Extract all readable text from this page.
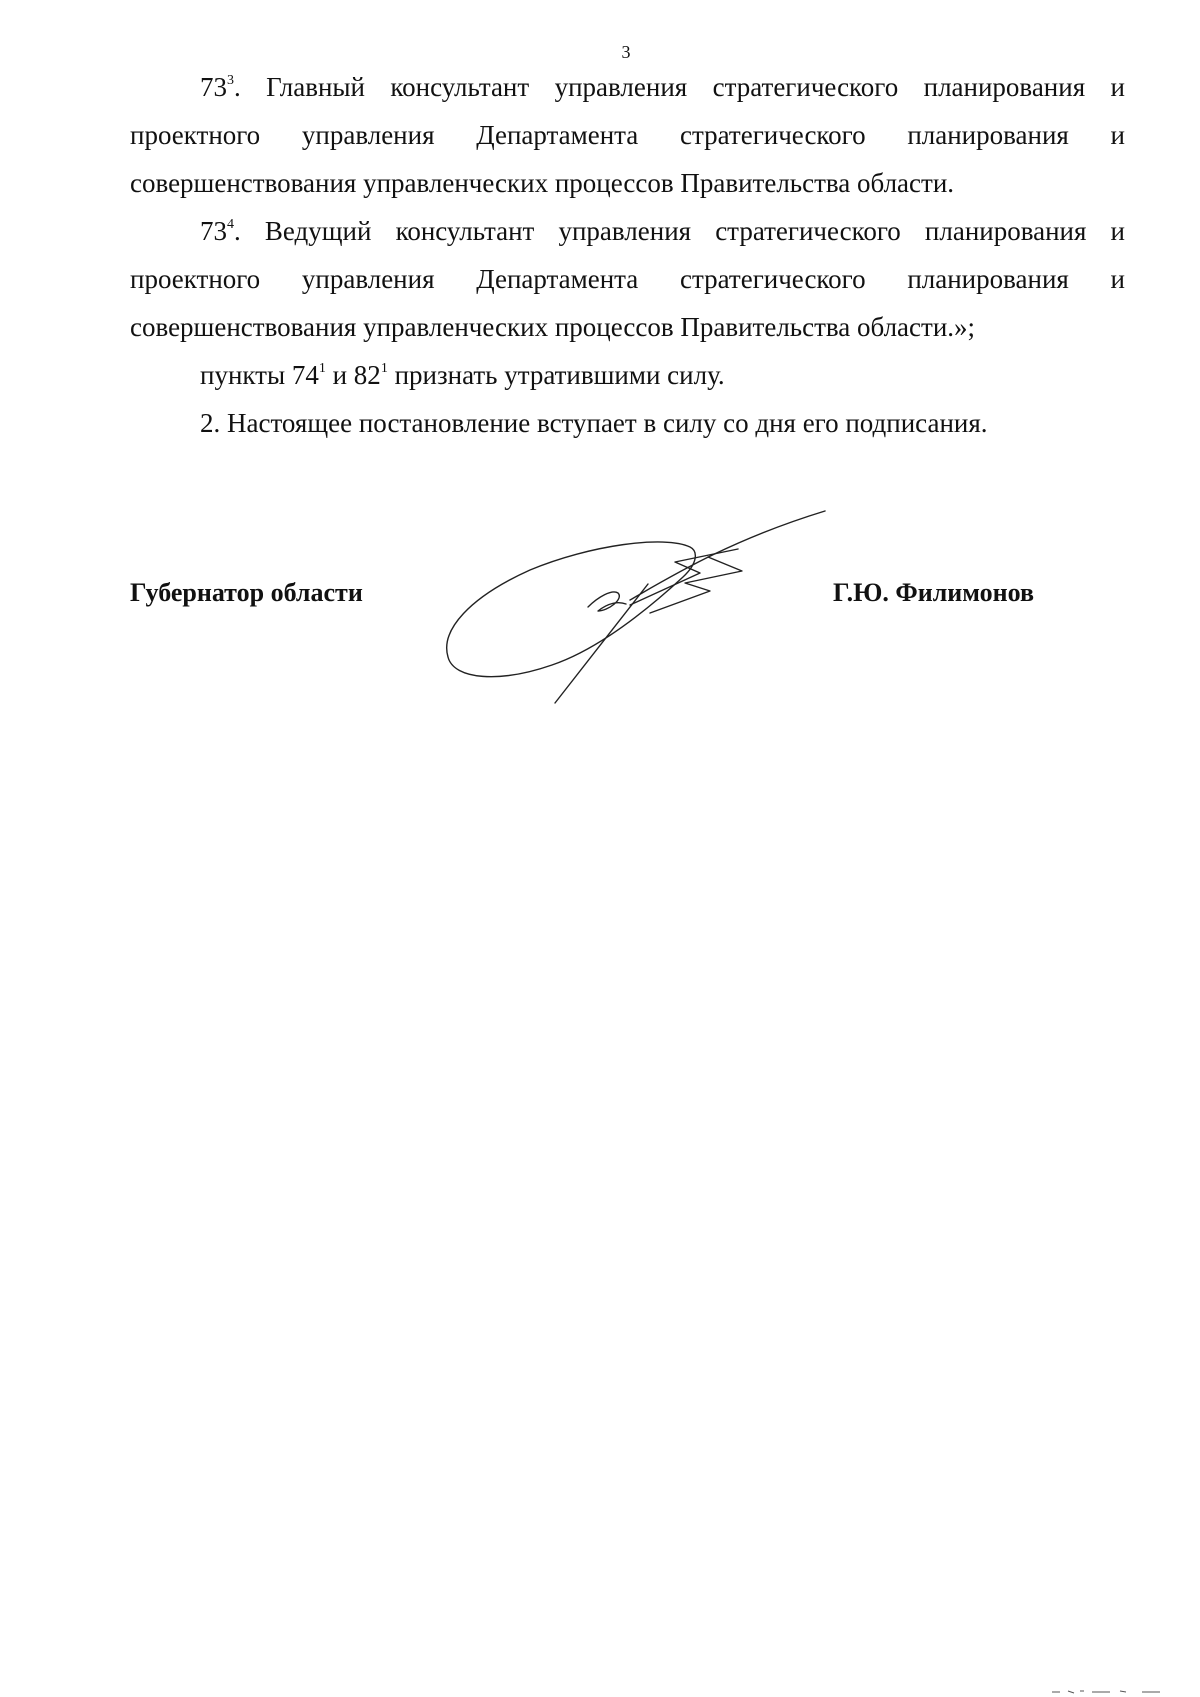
3

$73^3$. Главный консультант управления стратегического планирования и проектного управления Департамента стратегического планирования и совершенствования управленческих процессов Правительства области.

$73^4$. Ведущий консультант управления стратегического планирования и проектного управления Департамента стратегического планирования и совершенствования управленческих процессов Правительства области.»;

пункты $74^1$ и $82^1$ признать утратившими силу.

2. Настоящее постановление вступает в силу со дня его подписания.

Губернатор области	Г.Ю. Филимонов
